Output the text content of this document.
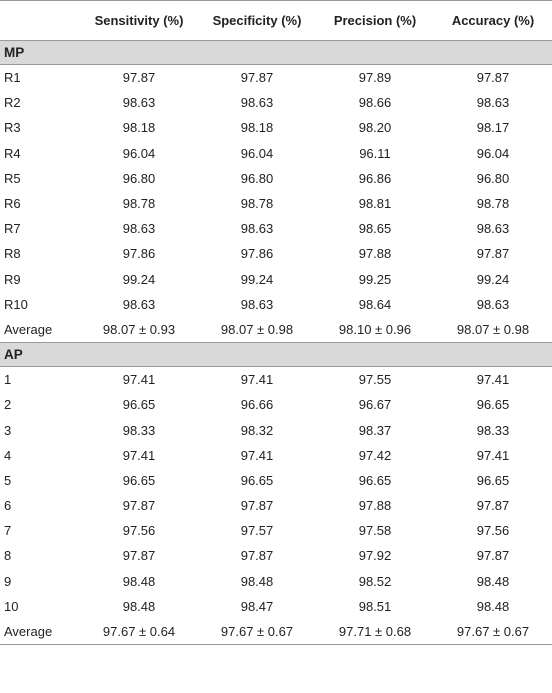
	Sensitivity (%)	Specificity (%)	Precision (%)	Accuracy (%)
MP				
R1	97.87	97.87	97.89	97.87
R2	98.63	98.63	98.66	98.63
R3	98.18	98.18	98.20	98.17
R4	96.04	96.04	96.11	96.04
R5	96.80	96.80	96.86	96.80
R6	98.78	98.78	98.81	98.78
R7	98.63	98.63	98.65	98.63
R8	97.86	97.86	97.88	97.87
R9	99.24	99.24	99.25	99.24
R10	98.63	98.63	98.64	98.63
Average	98.07 ± 0.93	98.07 ± 0.98	98.10 ± 0.96	98.07 ± 0.98
AP				
1	97.41	97.41	97.55	97.41
2	96.65	96.66	96.67	96.65
3	98.33	98.32	98.37	98.33
4	97.41	97.41	97.42	97.41
5	96.65	96.65	96.65	96.65
6	97.87	97.87	97.88	97.87
7	97.56	97.57	97.58	97.56
8	97.87	97.87	97.92	97.87
9	98.48	98.48	98.52	98.48
10	98.48	98.47	98.51	98.48
Average	97.67 ± 0.64	97.67 ± 0.67	97.71 ± 0.68	97.67 ± 0.67
